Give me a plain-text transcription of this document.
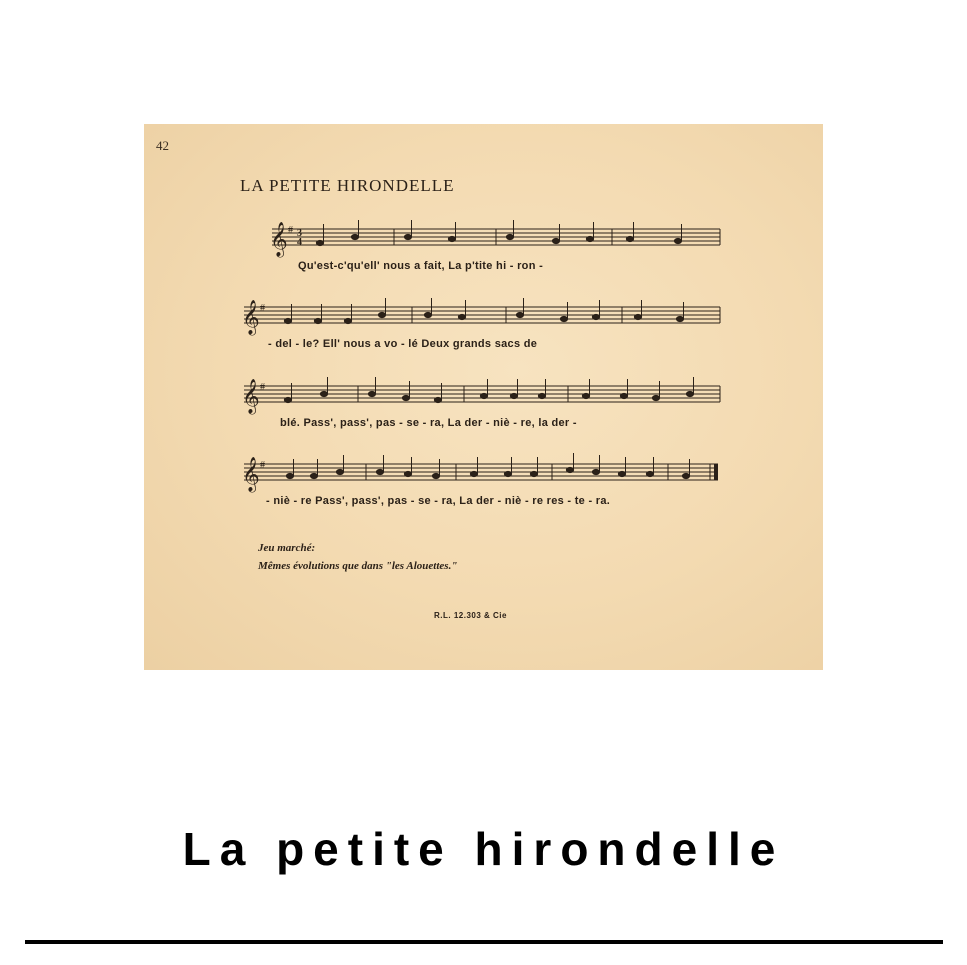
42
LA PETITE HIRONDELLE
𝄞 # 3
4
𝄞 #
𝄞 #
𝄞 #
Qu'est-c'qu'ell' nous a fait, La p'tite hi - ron -
- del - le? Ell' nous a vo - lé Deux grands sacs de
blé. Pass', pass', pas - se - ra, La der - niè - re, la der -
- niè - re Pass', pass', pas - se - ra, La der - niè - re res - te - ra.
Jeu marché:
Mêmes évolutions que dans "les Alouettes."
R.L. 12.303 & Cie
La petite hirondelle
